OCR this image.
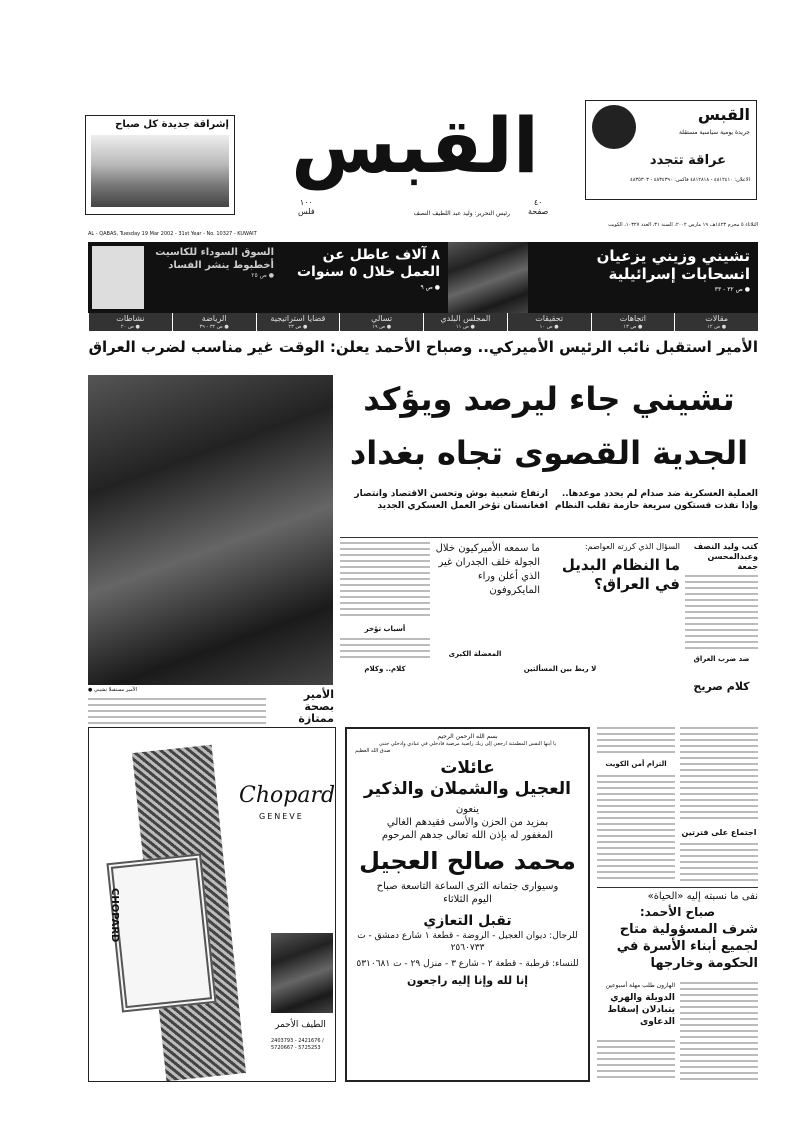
إشراقة جديدة كل صباح القبس
١٠٠
فلس
٤٠
صفحة
رئيس التحرير: وليد عبد اللطيف النصف
القبس
جريدة يومية سياسية مستقلة
عراقة تتجدد
الاعلان: ٤٨١٢٤١٠ - ٤٨١٢٨١٨ فاكس: ٤٨٣٤٣٩٠ - ٤٨٣٥٣٠٣
الثلاثاء ٥ محرم ١٤٢٣هـ، ١٩ مارس ٢٠٠٢، السنة ٣١، العدد ١٠٣٢٧، الكويت
AL - QABAS, Tuesday 19 Mar 2002 - 31st Year - No. 10327 - KUWAIT
تشيني وزيني يزعيان انسحابات إسرائيلية
● ص ٣٢ - ٣٣
٨ آلاف عاطل عن العمل خلال ٥ سنوات
● ص ٩
السوق السوداء للكاسيت أخطبوط ينشر الفساد
● ص ٢٥
مقالات
● ص ١٢
اتجاهات
● ص ١٣
تحقيقات
● ص ١٠
المجلس البلدي
● ص ١١
تسالي
● ص ١٩
قضايا استراتيجية
● ص ٢٣
الرياضة
● ص ٣٢ - ٣٩
نشاطات
● ص ٢٠
الأمير استقبل نائب الرئيس الأميركي.. وصباح الأحمد يعلن: الوقت غير مناسب لضرب العراق
تشيني جاء ليرصد ويؤكد
الجدية القصوى تجاه بغداد
العملية العسكرية ضد صدام لم يحدد موعدها.. وإذا نفذت فستكون سريعة حازمة تقلب النظام
ارتفاع شعبية بوش وتحسن الاقتصاد وانتصار افغانستان تؤخر العمل العسكري الجديد
كتب وليد النصف وعبدالمحسن جمعة
ضد ضرب العراق
كلام صريح
السؤال الذي كررته العواصم:
ما النظام البديل في العراق؟
ما سمعه الأميركيون خلال الجولة خلف الجدران غير الذي أعلن وراء المايكروفون
أسباب تؤخر
كلام.. وكلام
المعضلة الكبرى
لا ربط بين المسألتين
● الأمير مستقبلا تشيني	الأمير بصحة ممتازة
Chopard
GENEVE
CHOPARD
الطيف الأحمر
2403793 - 2421676 / 5720667 - 5725253
بسم الله الرحمن الرحيم
يا أيتها النفس المطمئنة ارجعي إلى ربك راضية مرضية فادخلي في عبادي وادخلي جنتي
صدق الله العظيم
عائلات
العجيل والشملان والذكير
ينعون
بمزيد من الحزن والأسى فقيدهم الغالي
المغفور له بإذن الله تعالى جدهم المرحوم
محمد صالح العجيل
وسيوارى جثمانه الثرى الساعة التاسعة صباح اليوم الثلاثاء
تقبل التعازي
للرجال: ديوان العجيل - الروضة - قطعة ١ شارع دمشق - ت ٢٥٦٠٧٣٣
للنساء: قرطبة - قطعة ٢ - شارع ٣ - منزل ٢٩ - ت ٥٣١٠٦٨١
إنا لله وإنا إليه راجعون
التزام أمن الكويت
اجتماع على فترتين
نفى ما نسبته إليه «الحياة»
صباح الأحمد:
شرف المسؤولية متاح لجميع أبناء الأسرة في الحكومة وخارجها
الهارون طلب مهلة أسبوعين
الدويلة والهري يتبادلان إسقاط الدعاوى
